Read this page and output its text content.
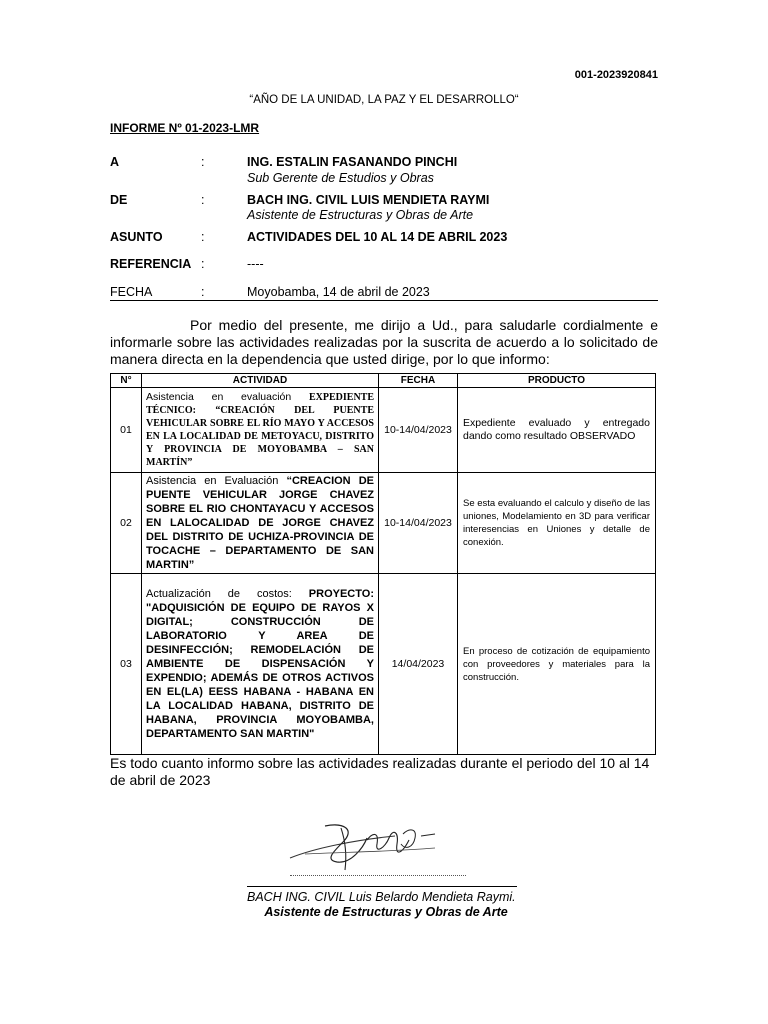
001-2023920841
“AÑO DE LA UNIDAD, LA PAZ Y EL DESARROLLO“
INFORME Nº 01-2023-LMR
A	:	ING. ESTALIN FASANANDO PINCHI
Sub Gerente de Estudios y Obras
DE	:	BACH ING. CIVIL LUIS MENDIETA RAYMI
Asistente de Estructuras y Obras de Arte
ASUNTO	:	ACTIVIDADES DEL 10 AL 14 DE ABRIL 2023
REFERENCIA :	----
FECHA	:	Moyobamba, 14 de abril de 2023
Por medio del presente, me dirijo a Ud., para saludarle cordialmente e informarle sobre las actividades realizadas por la suscrita de acuerdo a lo solicitado de manera directa en la dependencia que usted dirige, por lo que informo:
N°	ACTIVIDAD	FECHA	PRODUCTO
01	Asistencia en evaluación EXPEDIENTE TÉCNICO: “CREACIÓN DEL PUENTE VEHICULAR SOBRE EL RÍO MAYO Y ACCESOS EN LA LOCALIDAD DE METOYACU, DISTRITO Y PROVINCIA DE MOYOBAMBA – SAN MARTÍN”	10-14/04/2023	Expediente evaluado y entregado dando como resultado OBSERVADO
02	Asistencia en Evaluación “CREACION DE PUENTE VEHICULAR JORGE CHAVEZ SOBRE EL RIO CHONTAYACU Y ACCESOS EN LALOCALIDAD DE JORGE CHAVEZ DEL DISTRITO DE UCHIZA-PROVINCIA DE TOCACHE – DEPARTAMENTO DE SAN MARTIN”	10-14/04/2023	Se esta evaluando el calculo y diseño de las uniones, Modelamiento en 3D para verificar interesencias en Uniones y detalle de conexión.
03	Actualización de costos: PROYECTO: "ADQUISICIÓN DE EQUIPO DE RAYOS X DIGITAL; CONSTRUCCIÓN DE LABORATORIO Y AREA DE DESINFECCIÓN; REMODELACIÓN DE AMBIENTE DE DISPENSACIÓN Y EXPENDIO; ADEMÁS DE OTROS ACTIVOS EN EL(LA) EESS HABANA - HABANA EN LA LOCALIDAD HABANA, DISTRITO DE HABANA, PROVINCIA MOYOBAMBA, DEPARTAMENTO SAN MARTIN"	14/04/2023	En proceso de cotización de equipamiento con proveedores y materiales para la construcción.
Es todo cuanto informo sobre las actividades realizadas durante el periodo del 10 al 14 de abril de 2023
BACH ING. CIVIL Luis Belardo Mendieta Raymi.
Asistente de Estructuras y Obras de Arte
